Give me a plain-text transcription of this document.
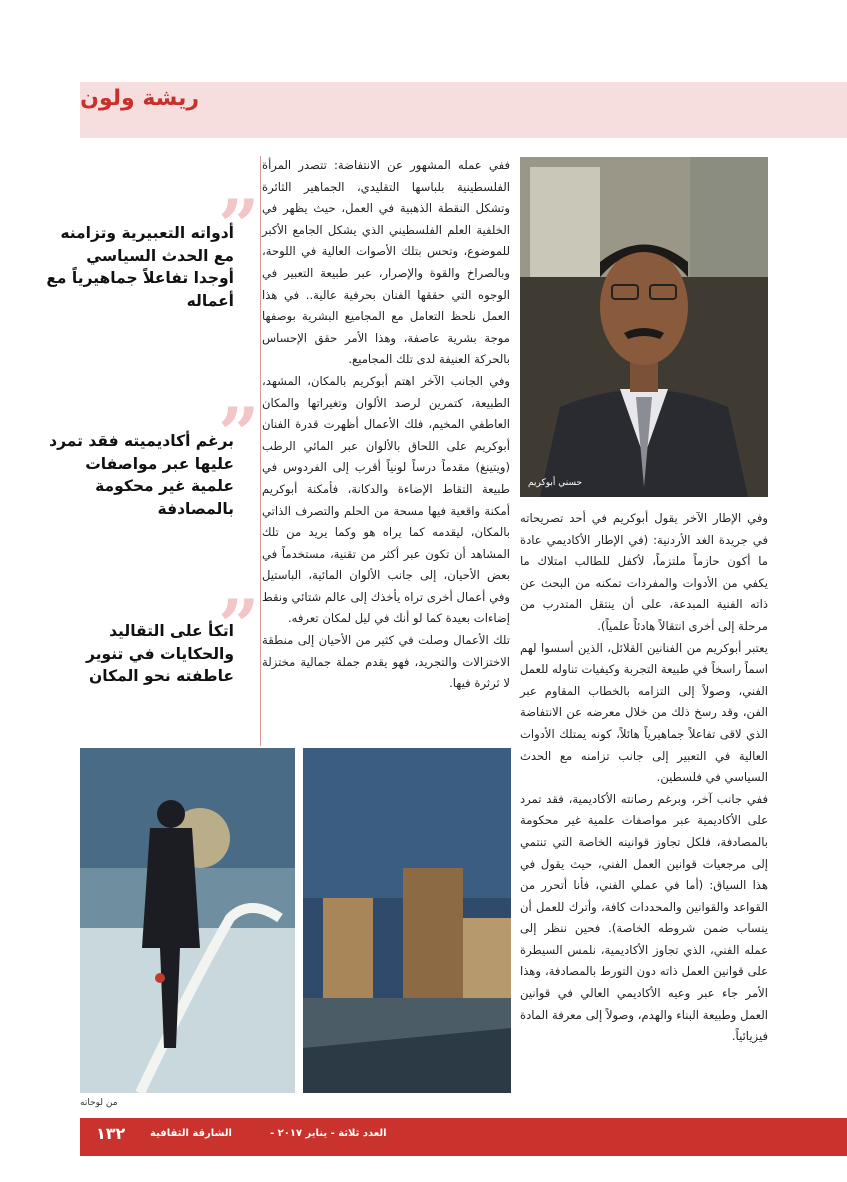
ريشة ولون
”
أدواته التعبيرية وتزامنه مع الحدث السياسي أوجدا تفاعلاً جماهيرياً مع أعماله
”
برغم أكاديميته فقد تمرد عليها عبر مواصفات علمية غير محكومة بالمصادفة
”
اتكأ على التقاليد والحكايات في تنوير عاطفته نحو المكان

ففي عمله المشهور عن الانتفاضة: تتصدر المرأة الفلسطينية بلباسها التقليدي، الجماهير الثائرة وتشكل النقطة الذهبية في العمل، حيث يظهر في الخلفية العلم الفلسطيني الذي يشكل الجامع الأكبر للموضوع، وتحس بتلك الأصوات العالية في اللوحة، وبالصراخ والقوة والإصرار، عبر طبيعة التعبير في الوجوه التي حققها الفنان بحرفية عالية.. في هذا العمل نلحظ التعامل مع المجاميع البشرية بوصفها موجة بشرية عاصفة، وهذا الأمر حقق الإحساس بالحركة العنيفة لدى تلك المجاميع.

وفي الجانب الآخر اهتم أبوكريم بالمكان، المشهد، الطبيعة، كتمرين لرصد الألوان وتغيراتها والمكان العاطفي المخيم، فلك الأعمال أظهرت قدرة الفنان أبوكريم على اللحاق بالألوان عبر المائي الرطب (ويتينغ) مقدماً درساً لونياً أقرب إلى الفردوس في طبيعة التقاط الإضاءة والدكانة، فأمكنة أبوكريم أمكنة واقعية فيها مسحة من الحلم والتصرف الذاتي بالمكان، ليقدمه كما يراه هو وكما يريد من تلك المشاهد أن تكون عبر أكثر من تقنية، مستخدماً في بعض الأحيان، إلى جانب الألوان المائية، الباستيل وفي أعمال أخرى تراه يأخذك إلى عالم شتائي ونقط إضاءات بعيدة كما لو أنك في ليل لمكان تعرفه.

تلك الأعمال وصلت في كثير من الأحيان إلى منطقة الاختزالات والتجريد، فهو يقدم جملة جمالية مختزلة لا ثرثرة فيها.

حسني أبوكريم

وفي الإطار الآخر يقول أبوكريم في أحد تصريحاته في جريدة الغد الأردنية: (في الإطار الأكاديمي عادة ما أكون حازماً ملتزماً، لأكفل للطالب امتلاك ما يكفي من الأدوات والمفردات تمكنه من البحث عن ذاته الفنية المبدعة، على أن ينتقل المتدرب من مرحلة إلى أخرى انتقالاً هادئاً علمياً).

يعتبر أبوكريم من الفنانين القلائل، الذين أسسوا لهم اسماً راسخاً في طبيعة التجربة وكيفيات تناوله للعمل الفني، وصولاً إلى التزامه بالخطاب المقاوم عبر الفن، وقد رسخ ذلك من خلال معرضه عن الانتفاضة الذي لاقى تفاعلاً جماهيرياً هائلاً، كونه يمتلك الأدوات العالية في التعبير إلى جانب تزامنه مع الحدث السياسي في فلسطين.

ففي جانب آخر، وبرغم رصانته الأكاديمية، فقد تمرد على الأكاديمية عبر مواصفات علمية غير محكومة بالمصادفة، فلكل تجاوز قوانينه الخاصة التي تنتمي إلى مرجعيات قوانين العمل الفني، حيث يقول في هذا السياق: (أما في عملي الفني، فأنا أتحرر من القواعد والقوانين والمحددات كافة، وأترك للعمل أن ينساب ضمن شروطه الخاصة). فحين ننظر إلى عمله الفني، الذي تجاوز الأكاديمية، نلمس السيطرة على قوانين العمل ذاته دون التورط بالمصادفة، وهذا الأمر جاء عبر وعيه الأكاديمي العالي في قوانين العمل وطبيعة البناء والهدم، وصولاً إلى معرفة المادة فيزيائياً.

من لوحاته
١٣٢ الشارقة الثقافية	العدد ثلاثة - يناير ٢٠١٧ -
